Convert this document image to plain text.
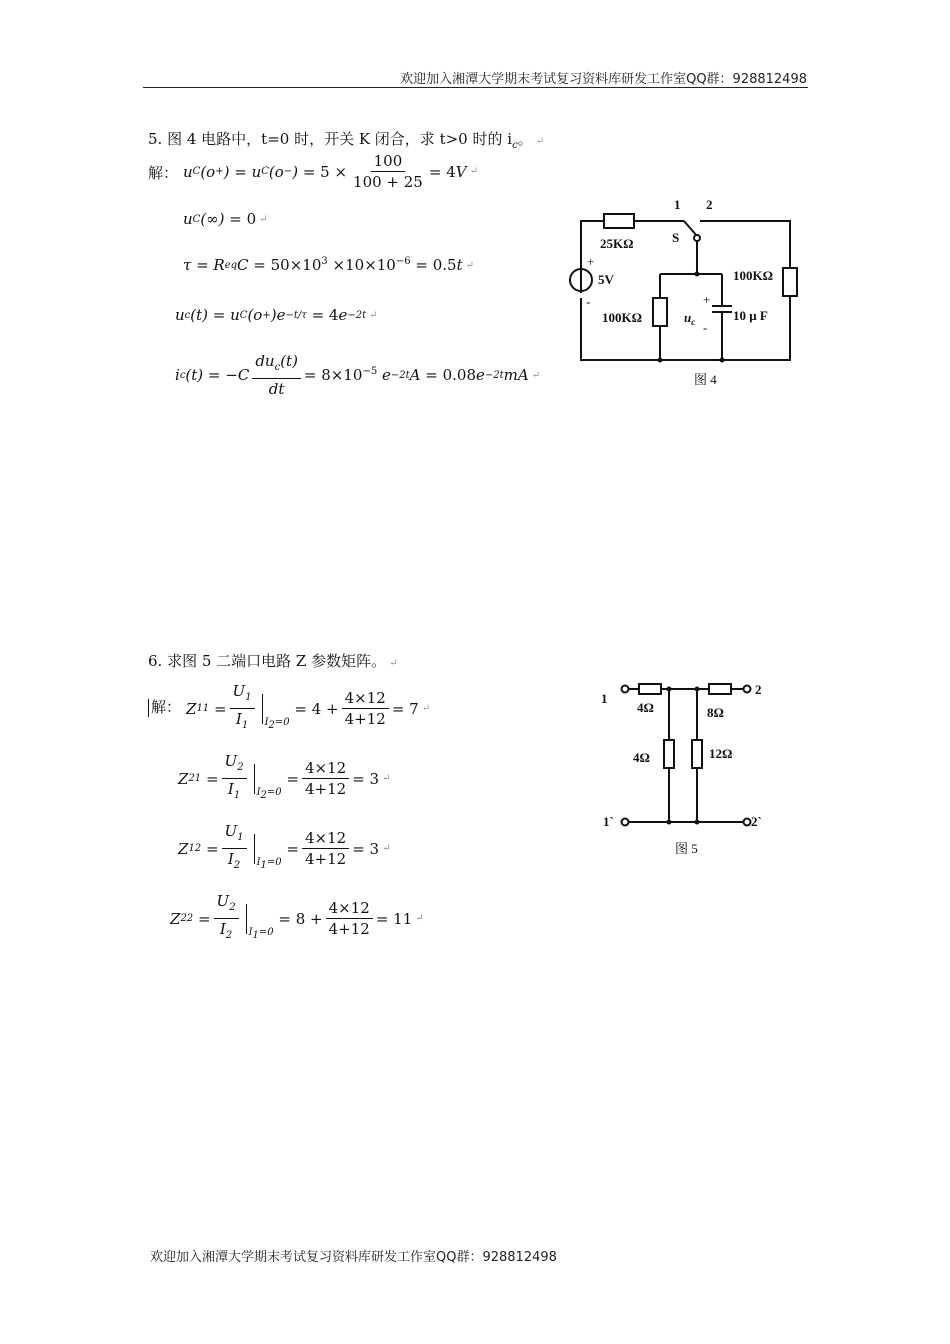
欢迎加入湘潭大学期末考试复习资料库研发工作室QQ群：928812498
5. 图 4 电路中，t=0 时，开关 K 闭合，求 t>0 时的 $i_c$。 ↵
解： u C (o + ) = u C (o − ) = $5 \times \frac{100}{100 + 25} = 4$ V ↵
u C (∞) = 0 ↵
τ = R eq $C = 50\times 10^3 \times 10\times 10^{-6} = 0.5$ t ↵
u c (t) = u C (o + )e −t/τ
= 4 e −2t ↵
i c (t) = − C $\frac{du_c(t)}{dt} = 8\times 10^{-5}$ e −2t A = 0.08 e −2t mA ↵
1 2
25KΩ	S
5V	100KΩ
100KΩ	10 μ F
+
-	+
-
$u_c$
图 4
6. 求图 5 二端口电路 Z 参数矩阵。 ↵
解： Z 11
= $\frac{U_1}{I_1} I_2=0$
= $4 + \frac{4\times 12}{4+12} = 7$ ↵
Z 21
= $\frac{U_2}{I_1} I_2=0$
= $\frac{4\times 12}{4+12} = 3$ ↵
Z 12
= $\frac{U_1}{I_2} I_1=0$
= $\frac{4\times 12}{4+12} = 3$ ↵
Z 22
= $\frac{U_2}{I_2} I_1=0$
= $8 + \frac{4\times 12}{4+12} = 11$ ↵
1
2
4Ω	8Ω
4Ω	12Ω
1`	2`
图 5
欢迎加入湘潭大学期末考试复习资料库研发工作室QQ群：928812498
